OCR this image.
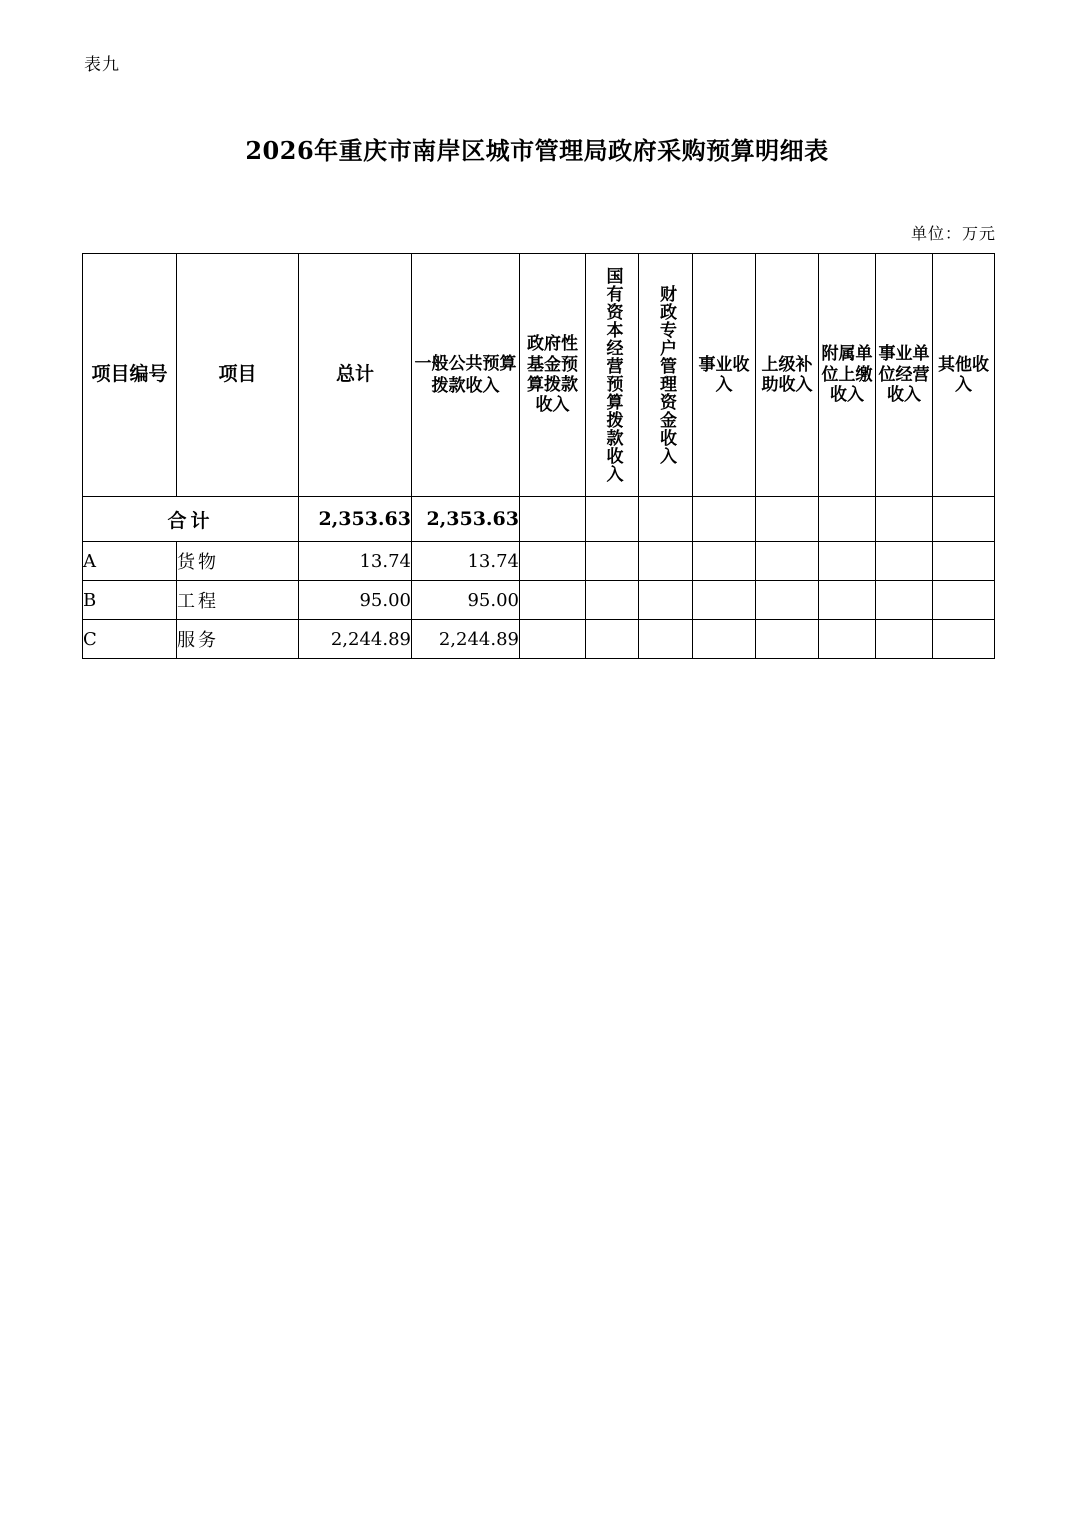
表九
2026年重庆市南岸区城市管理局政府采购预算明细表
单位：万元
项目编号	项目	总计	一般公共预算拨款收入	政府性基金预算拨款收入	国有资本经营预算拨款收入	财政专户管理资金收入	事业收入	上级补助收入	附属单位上缴收入	事业单位经营收入	其他收入

合计		2,353.63	2,353.63								
A	货物	13.74	13.74								
B	工程	95.00	95.00								
C	服务	2,244.89	2,244.89								
